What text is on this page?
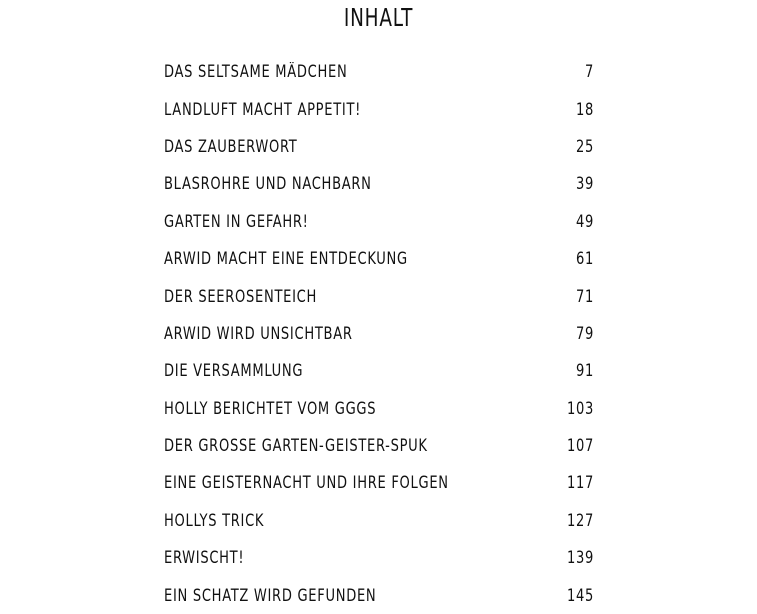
INHALT
DAS SELTSAME MÄDCHEN	7
LANDLUFT MACHT APPETIT!	18
DAS ZAUBERWORT	25
BLASROHRE UND NACHBARN	39
GARTEN IN GEFAHR!	49
ARWID MACHT EINE ENTDECKUNG	61
DER SEEROSENTEICH	71
ARWID WIRD UNSICHTBAR	79
DIE VERSAMMLUNG	91
HOLLY BERICHTET VOM GGGS	103
DER GROSSE GARTEN-GEISTER-SPUK	107
EINE GEISTERNACHT UND IHRE FOLGEN	117
HOLLYS TRICK	127
ERWISCHT!	139
EIN SCHATZ WIRD GEFUNDEN	145
